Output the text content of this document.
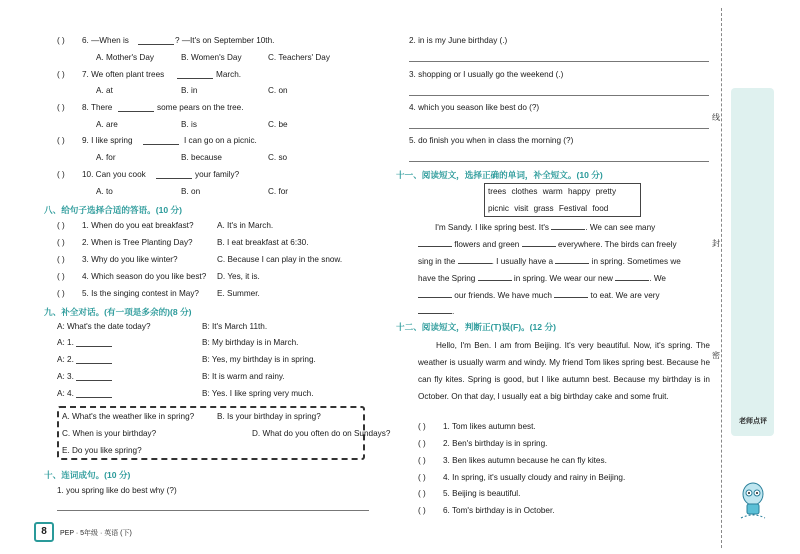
( ) 6. —When is	? —It's on September 10th.
A. Mother's Day	B. Women's Day	C. Teachers' Day
( ) 7. We often plant trees	March.
A. at	B. in	C. on
( ) 8. There	some pears on the tree.
A. are	B. is	C. be
( ) 9. I like spring	I can go on a picnic.
A. for	B. because	C. so
( ) 10. Can you cook	your family?
A. to	B. on	C. for
八、给句子选择合适的答语。(10 分)
( ) 1. When do you eat breakfast?	A. It's in March.
( ) 2. When is Tree Planting Day?	B. I eat breakfast at 6:30.
( ) 3. Why do you like winter?	C. Because I can play in the snow.
( ) 4. Which season do you like best? D. Yes, it is.
( ) 5. Is the singing contest in May? E. Summer.
九、补全对话。(有一项是多余的)(8 分)
A: What's the date today?	B: It's March 11th.
A: 1.	B: My birthday is in March.
A: 2.	B: Yes, my birthday is in spring.
A: 3.	B: It is warm and rainy.
A: 4.	B: Yes. I like spring very much.
A. What's the weather like in spring?	B. Is your birthday in spring?
C. When is your birthday?	D. What do you often do on Sundays?
E. Do you like spring?
十、连词成句。(10 分)
1. you spring like do best why (?)
8	PEP · 5年级 · 英语 (下)
2. in is my June birthday (.)
3. shopping or I usually go the weekend (.)
4. which you season like best do (?)
5. do finish you when in class the morning (?)
十一、阅读短文，选择正确的单词，补全短文。(10 分)
trees clothes warm happy pretty
picnic visit grass Festival food
I'm Sandy. I like spring best. It's	. We can see many
flowers and green	everywhere. The birds can freely
sing in the	. I usually have a	in spring. Sometimes we
have the Spring	in spring. We wear our new	. We
our friends. We have much	to eat. We are very
.
十二、阅读短文，判断正(T)误(F)。(12 分)
Hello, I'm Ben. I am from Beijing. It's very beautiful. Now, it's spring. The weather is usually warm and windy. My friend Tom likes spring best. Because he can fly kites. Spring is good, but I like autumn best. Because my birthday is in October. On that day, I usually eat a big birthday cake and some fruit.
( ) 1. Tom likes autumn best.
( ) 2. Ben's birthday is in spring.
( ) 3. Ben likes autumn because he can fly kites.
( ) 4. In spring, it's usually cloudy and rainy in Beijing.
( ) 5. Beijing is beautiful.
( ) 6. Tom's birthday is in October.
线
封
密
老师点评
